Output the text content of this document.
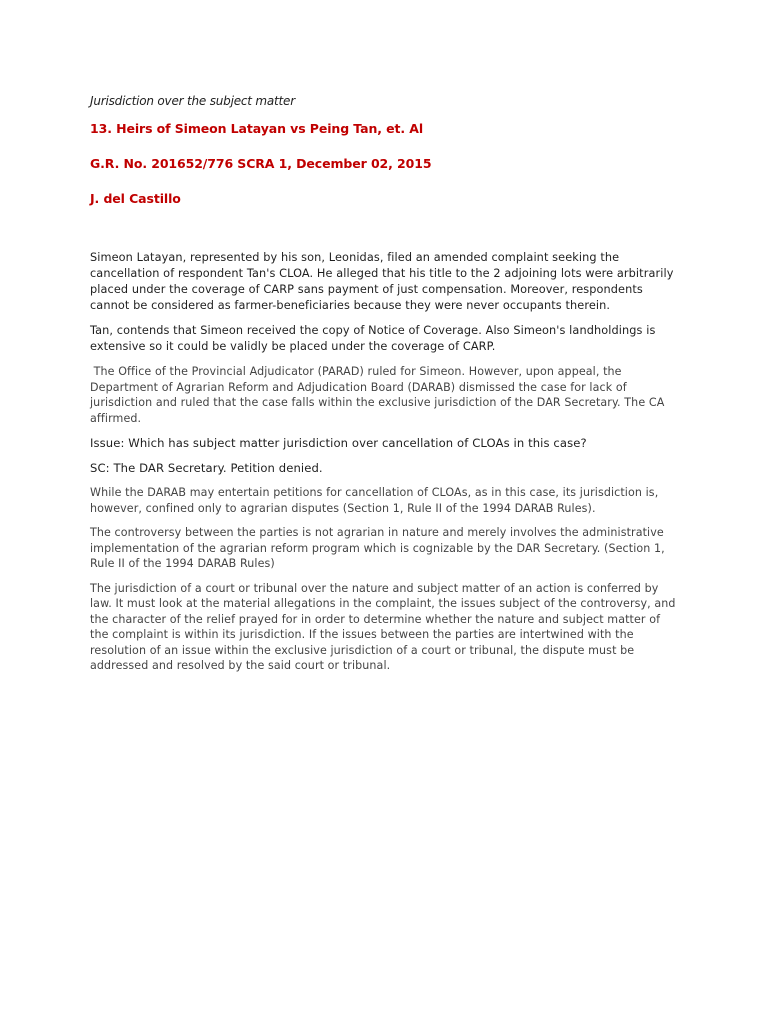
Jurisdiction over the subject matter
13. Heirs of Simeon Latayan vs Peing Tan, et. Al
G.R. No. 201652/776 SCRA 1, December 02, 2015
J. del Castillo

Simeon Latayan, represented by his son, Leonidas, filed an amended complaint seeking the cancellation of respondent Tan's CLOA. He alleged that his title to the 2 adjoining lots were arbitrarily placed under the coverage of CARP sans payment of just compensation. Moreover, respondents cannot be considered as farmer-beneficiaries because they were never occupants therein.

Tan, contends that Simeon received the copy of Notice of Coverage. Also Simeon's landholdings is extensive so it could be validly be placed under the coverage of CARP.

The Office of the Provincial Adjudicator (PARAD) ruled for Simeon. However, upon appeal, the Department of Agrarian Reform and Adjudication Board (DARAB) dismissed the case for lack of jurisdiction and ruled that the case falls within the exclusive jurisdiction of the DAR Secretary. The CA affirmed.

Issue: Which has subject matter jurisdiction over cancellation of CLOAs in this case?

SC: The DAR Secretary. Petition denied.

While the DARAB may entertain petitions for cancellation of CLOAs, as in this case, its jurisdiction is, however, confined only to agrarian disputes (Section 1, Rule II of the 1994 DARAB Rules).

The controversy between the parties is not agrarian in nature and merely involves the administrative implementation of the agrarian reform program which is cognizable by the DAR Secretary. (Section 1, Rule II of the 1994 DARAB Rules)

The jurisdiction of a court or tribunal over the nature and subject matter of an action is conferred by law. It must look at the material allegations in the complaint, the issues subject of the controversy, and the character of the relief prayed for in order to determine whether the nature and subject matter of the complaint is within its jurisdiction. If the issues between the parties are intertwined with the resolution of an issue within the exclusive jurisdiction of a court or tribunal, the dispute must be addressed and resolved by the said court or tribunal.
